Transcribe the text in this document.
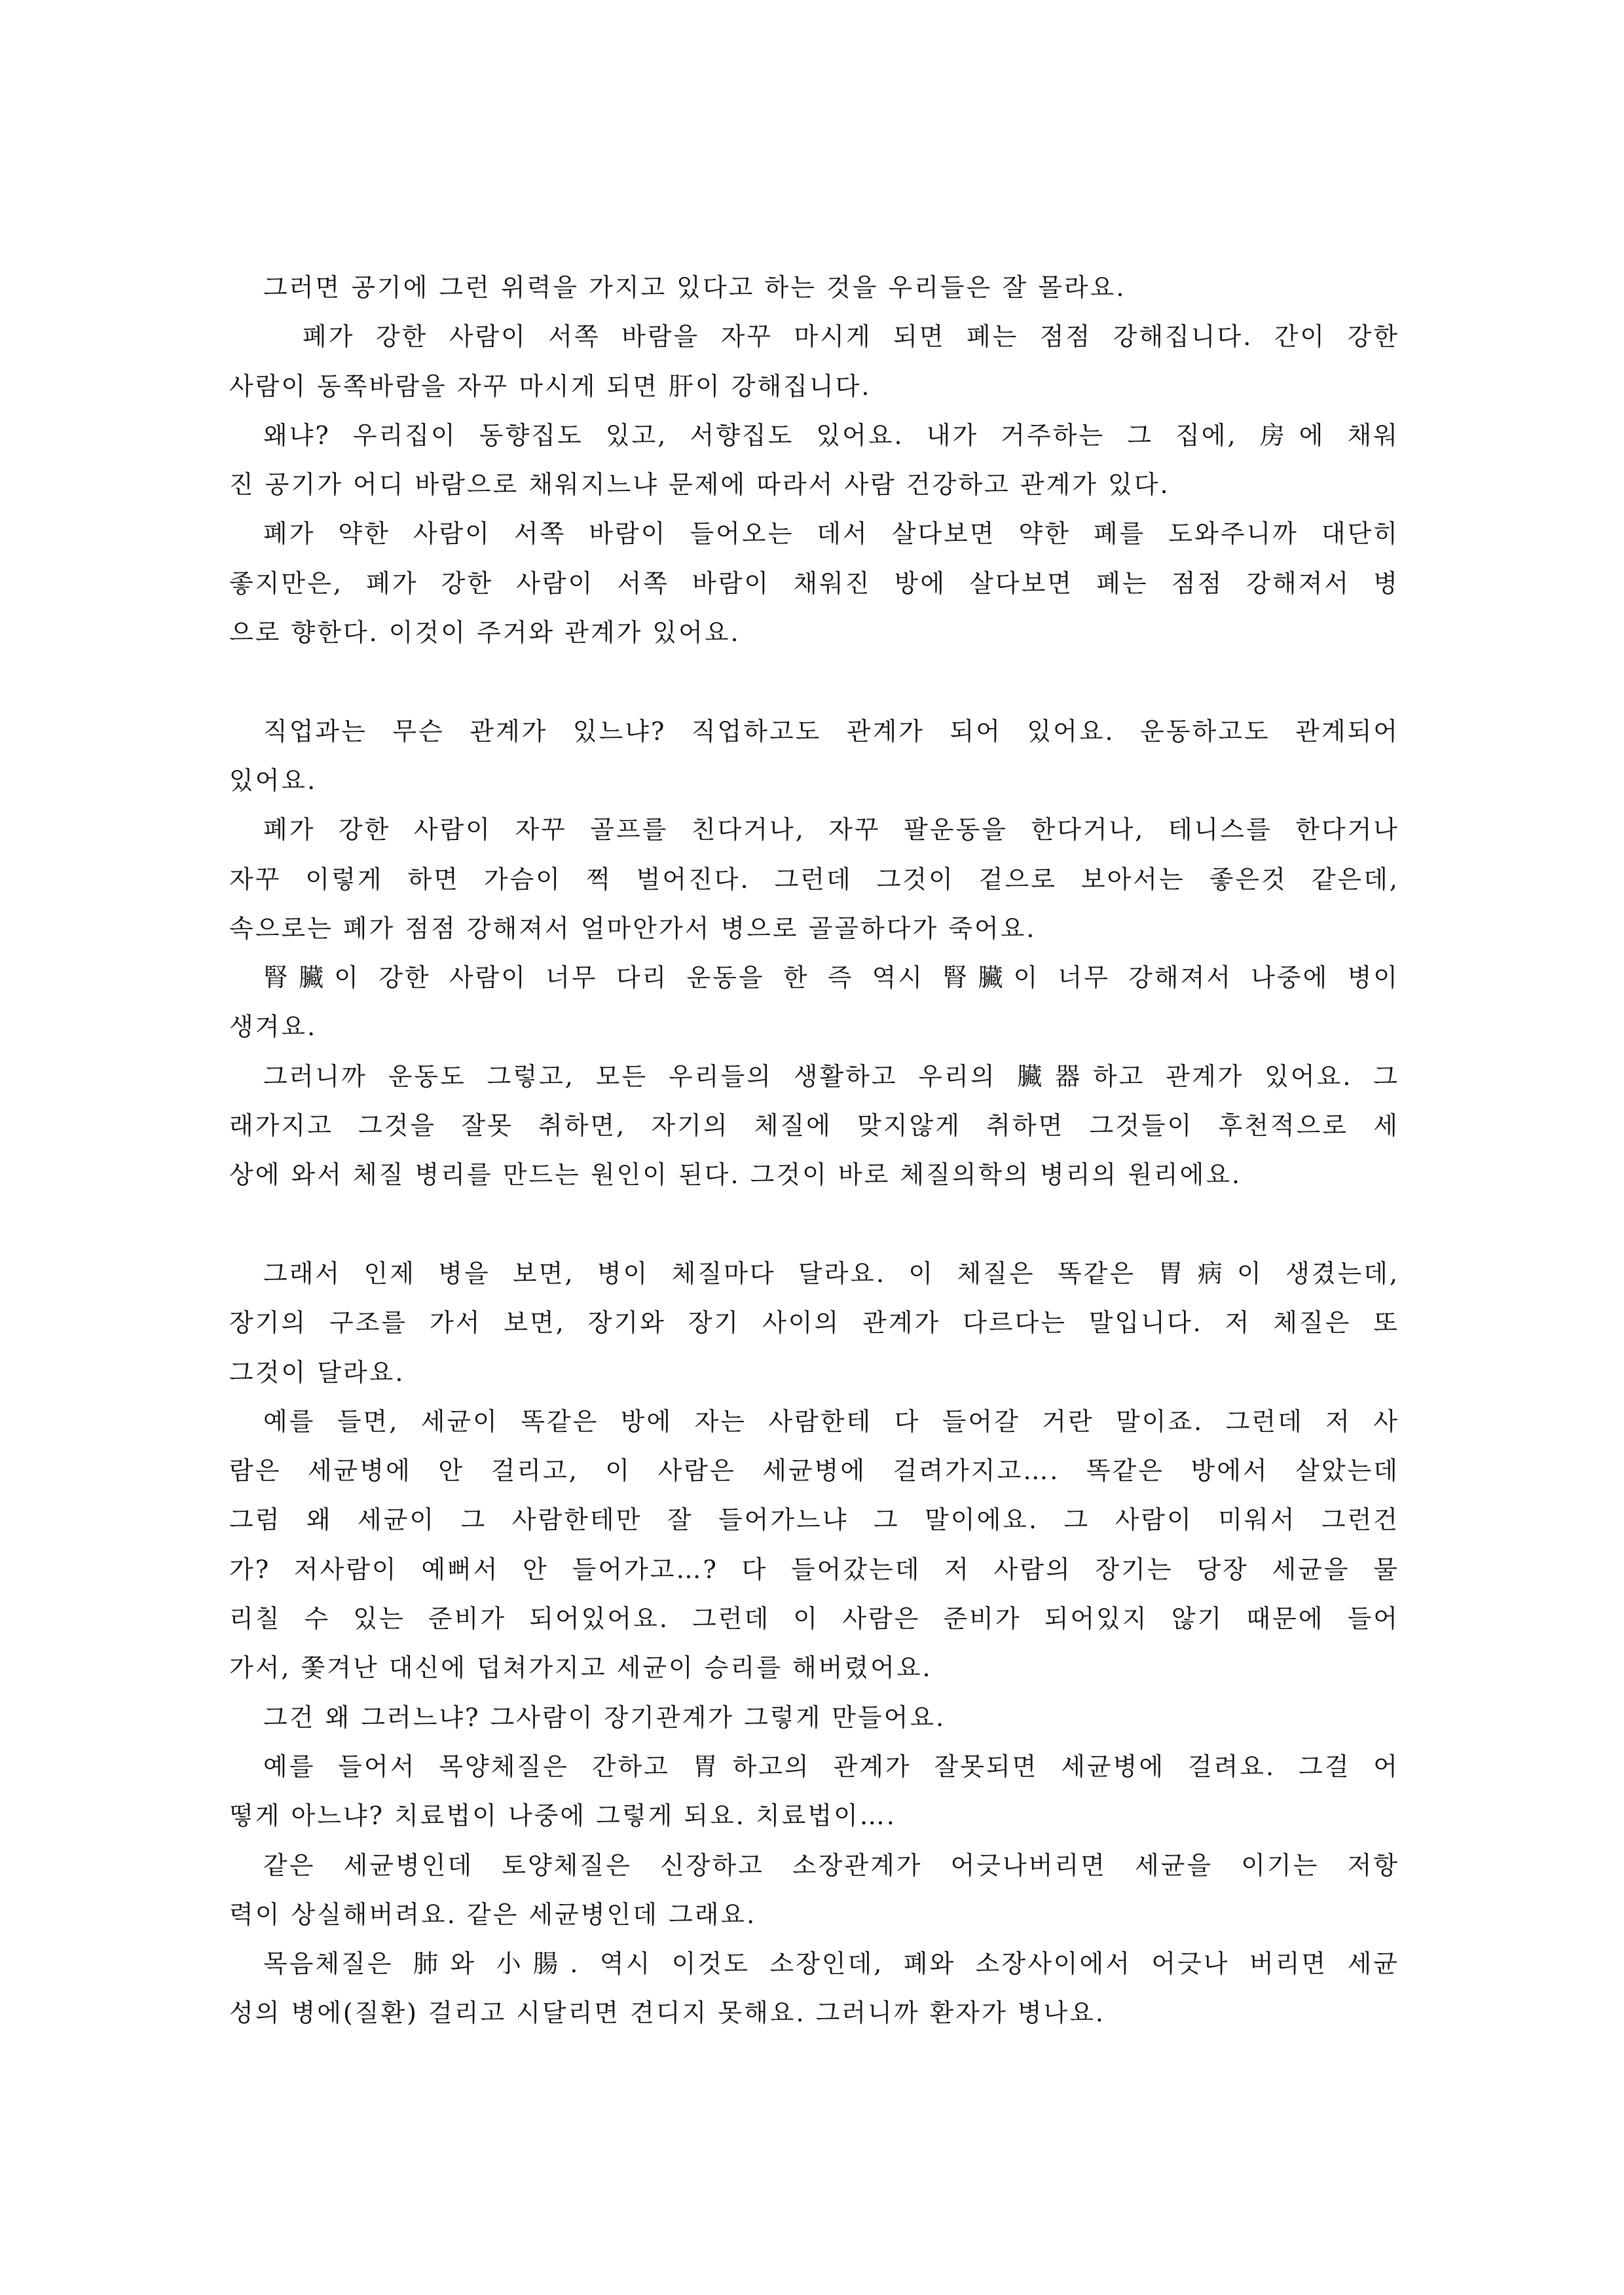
그러면 공기에 그런 위력을 가지고 있다고 하는 것을 우리들은 잘 몰라요.
폐가 강한 사람이 서쪽 바람을 자꾸 마시게 되면 폐는 점점 강해집니다. 간이 강한
사람이 동쪽바람을 자꾸 마시게 되면 肝이 강해집니다.
왜냐? 우리집이 동향집도 있고, 서향집도 있어요. 내가 거주하는 그 집에, 房에 채워
진 공기가 어디 바람으로 채워지느냐 문제에 따라서 사람 건강하고 관계가 있다.
폐가 약한 사람이 서쪽 바람이 들어오는 데서 살다보면 약한 폐를 도와주니까 대단히
좋지만은, 폐가 강한 사람이 서쪽 바람이 채워진 방에 살다보면 폐는 점점 강해져서 병
으로 향한다. 이것이 주거와 관계가 있어요.
직업과는 무슨 관계가 있느냐? 직업하고도 관계가 되어 있어요. 운동하고도 관계되어
있어요.
폐가 강한 사람이 자꾸 골프를 친다거나, 자꾸 팔운동을 한다거나, 테니스를 한다거나
자꾸 이렇게 하면 가슴이 쩍 벌어진다. 그런데 그것이 겉으로 보아서는 좋은것 같은데,
속으로는 폐가 점점 강해져서 얼마안가서 병으로 골골하다가 죽어요.
腎臟이 강한 사람이 너무 다리 운동을 한 즉 역시 腎臟이 너무 강해져서 나중에 병이
생겨요.
그러니까 운동도 그렇고, 모든 우리들의 생활하고 우리의 臟器하고 관계가 있어요. 그
래가지고 그것을 잘못 취하면, 자기의 체질에 맞지않게 취하면 그것들이 후천적으로 세
상에 와서 체질 병리를 만드는 원인이 된다. 그것이 바로 체질의학의 병리의 원리에요.
그래서 인제 병을 보면, 병이 체질마다 달라요. 이 체질은 똑같은 胃病이 생겼는데,
장기의 구조를 가서 보면, 장기와 장기 사이의 관계가 다르다는 말입니다. 저 체질은 또
그것이 달라요.
예를 들면, 세균이 똑같은 방에 자는 사람한테 다 들어갈 거란 말이죠. 그런데 저 사
람은 세균병에 안 걸리고, 이 사람은 세균병에 걸려가지고…. 똑같은 방에서 살았는데
그럼 왜 세균이 그 사람한테만 잘 들어가느냐 그 말이에요. 그 사람이 미워서 그런건
가? 저사람이 예뻐서 안 들어가고…? 다 들어갔는데 저 사람의 장기는 당장 세균을 물
리칠 수 있는 준비가 되어있어요. 그런데 이 사람은 준비가 되어있지 않기 때문에 들어
가서, 쫓겨난 대신에 덥쳐가지고 세균이 승리를 해버렸어요.
그건 왜 그러느냐? 그사람이 장기관계가 그렇게 만들어요.
예를 들어서 목양체질은 간하고 胃하고의 관계가 잘못되면 세균병에 걸려요. 그걸 어
떻게 아느냐? 치료법이 나중에 그렇게 되요. 치료법이….
같은 세균병인데 토양체질은 신장하고 소장관계가 어긋나버리면 세균을 이기는 저항
력이 상실해버려요. 같은 세균병인데 그래요.
목음체질은 肺와 小腸. 역시 이것도 소장인데, 폐와 소장사이에서 어긋나 버리면 세균
성의 병에(질환) 걸리고 시달리면 견디지 못해요. 그러니까 환자가 병나요.
